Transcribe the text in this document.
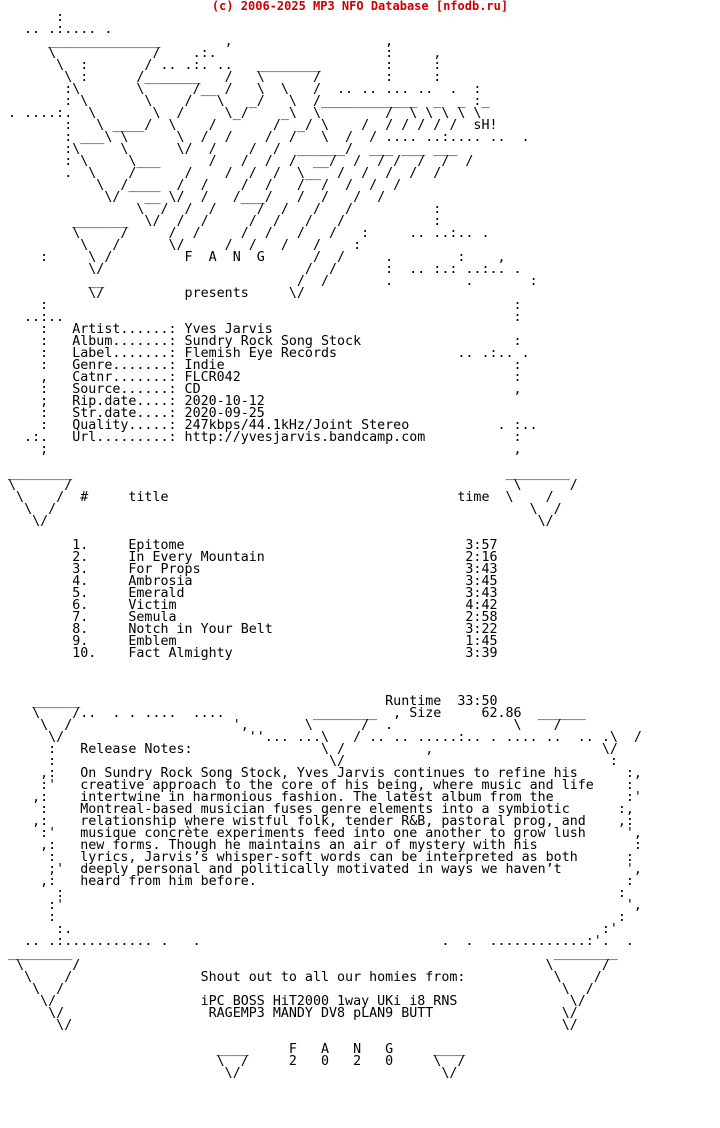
(c) 2006-2025 MP3 NFO Database [nfodb.ru]
:
.. .:.... .
______________        ,                   ,
\            /    .:.                     :     ,
\  :       / .. .:. ..   ________        :     :
\ :      /_______   /   \      /        :     :
:\       \      /__ /   \  \   /  .. .. ... ..  .  :
: \       \    /   \   _/   \  /____________  _  _ :_
. ....:.  \       \  /     \_/    _\  \        /  \ \ \ \ \
:   \ ____/  \    /       /  _/ \    /  / / / / /  sH!
: ___\ \      \  /  /    /  /   \  /  / .... ..:.... ..  .
:\     \      \/  /    /  /  ______/  ___ ___ ___
: \     \___      /   /  /  /  __/  /  / /  /  /  /
.  \    /      /    /  /  /  \__  /  /  /  /  /
\  /____  /  /    /  /   /  /  /  /  /
\/   __ \/  /   /___/   /  /   /  /
\  /  /  /     /  /   /   /          :
_______  \/  /  /     /  /   /   /           :
\     /     /  /     /  /   /   /   :     .. ..:.. .
\   /      \/     /  /   /   /    :
:     \ /         F  A  N  G      /  /     .        :    ,
\/                         /  /      :  .. :.: ..:.. .
__                        /  /       .         .       :
\/          presents     \/
:                                                          :
..:..                                                        :
:   Artist......: Yves Jarvis
:   Album.......: Sundry Rock Song Stock                   :
:   Label.......: Flemish Eye Records               .. .:.. .
:   Genre.......: Indie                                    :
,   Catnr.......: FLCR042                                  :
:   Source......: CD                                       ,
;   Rip.date....: 2020-10-12
:   Str.date....: 2020-09-25
:   Quality.....: 247kbps/44.1kHz/Joint Stereo           . :..
.:.   Url.........: http://yvesjarvis.bandcamp.com           :
;                                                          ,

________                                                      ________
\      /                                                       \      /
\    /  #     title                                    time  \    /
\  /                                                           \  /
\/                                                             \/

1.     Epitome                                   3:57
2.     In Every Mountain                         2:16
3.     For Props                                 3:43
4.     Ambrosia                                  3:45
5.     Emerald                                   3:43
6.     Victim                                    4:42
7.     Semula                                    2:58
8.     Notch in Your Belt                        3:22
9.     Emblem                                    1:45
10.    Fact Almighty                             3:39

______                                      Runtime  33:50
\    /..  . . ....  ....           ________  , Size     62.86  ______
\  /                    ',       \      /  .               \    /
\/                       ''... ...\   / .. .. .....:.. . .... ..  .. .\  /
:   Release Notes:                \ /          ,                     \/
:                                  \/                                 :
,:   On Sundry Rock Song Stock, Yves Jarvis continues to refine his      :,
:'   creative approach to the core of his being, where music and life    :
,:    intertwine in harmonious fashion. The latest album from the         :'
:    Montreal-based musician fuses genre elements into a symbiotic      :,
,:    relationship where wistful folk, tender R&B, pastoral prog, and    ,:
:'   musique concrète experiments feed into one another to grow lush     ',
,:   new forms. Though he maintains an air of mystery with his            :
:   lyrics, Jarvis’s whisper-soft words can be interpreted as both      :
;'  deeply personal and politically motivated in ways we haven’t        ',
,:   heard from him before.                                              :
:                                                                     :
:'                                                                      ',
:                                                                      :
:.                                                                  :'
.. .:........... .   .                              .  .  ............:'.  .
________                                                            ________
\      /                                                          \      /
\    /                Shout out to all our homies from:           \    /
\  /                                                              \  /
\/                  iPC BOSS HiT2000 1way UKi i8 RNS              \/
\/                  RAGEMP3 MANDY DV8 pLAN9 BUTT                \/
\/                                                             \/

____     F   A   N   G     ____
\  /     2   0   2   0     \  /
\/                         \/
